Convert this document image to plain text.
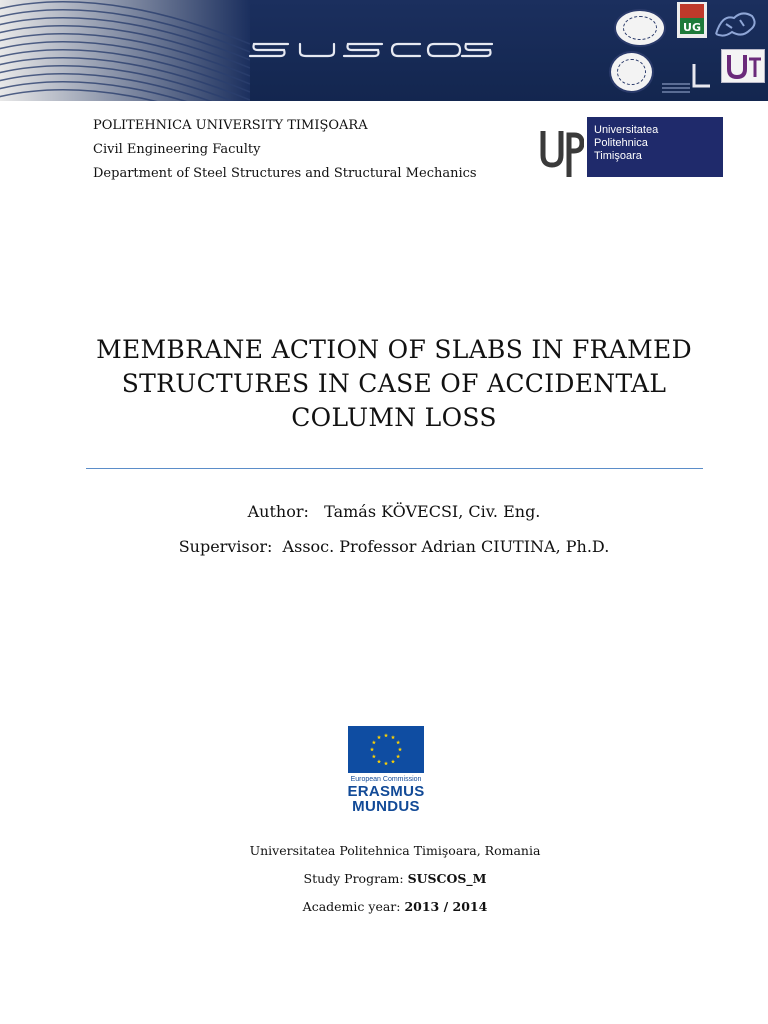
UG
POLITEHNICA UNIVERSITY TIMIŞOARA
Civil Engineering Faculty
Department of Steel Structures and Structural Mechanics
Universitatea
Politehnica
Timişoara
MEMBRANE ACTION OF SLABS IN FRAMED
STRUCTURES IN CASE OF ACCIDENTAL
COLUMN LOSS
Author: Tamás KÖVECSI, Civ. Eng.
Supervisor: Assoc. Professor Adrian CIUTINA, Ph.D.
European Commission
ERASMUS
MUNDUS
Universitatea Politehnica Timişoara, Romania
Study Program: SUSCOS_M
Academic year: 2013 / 2014
